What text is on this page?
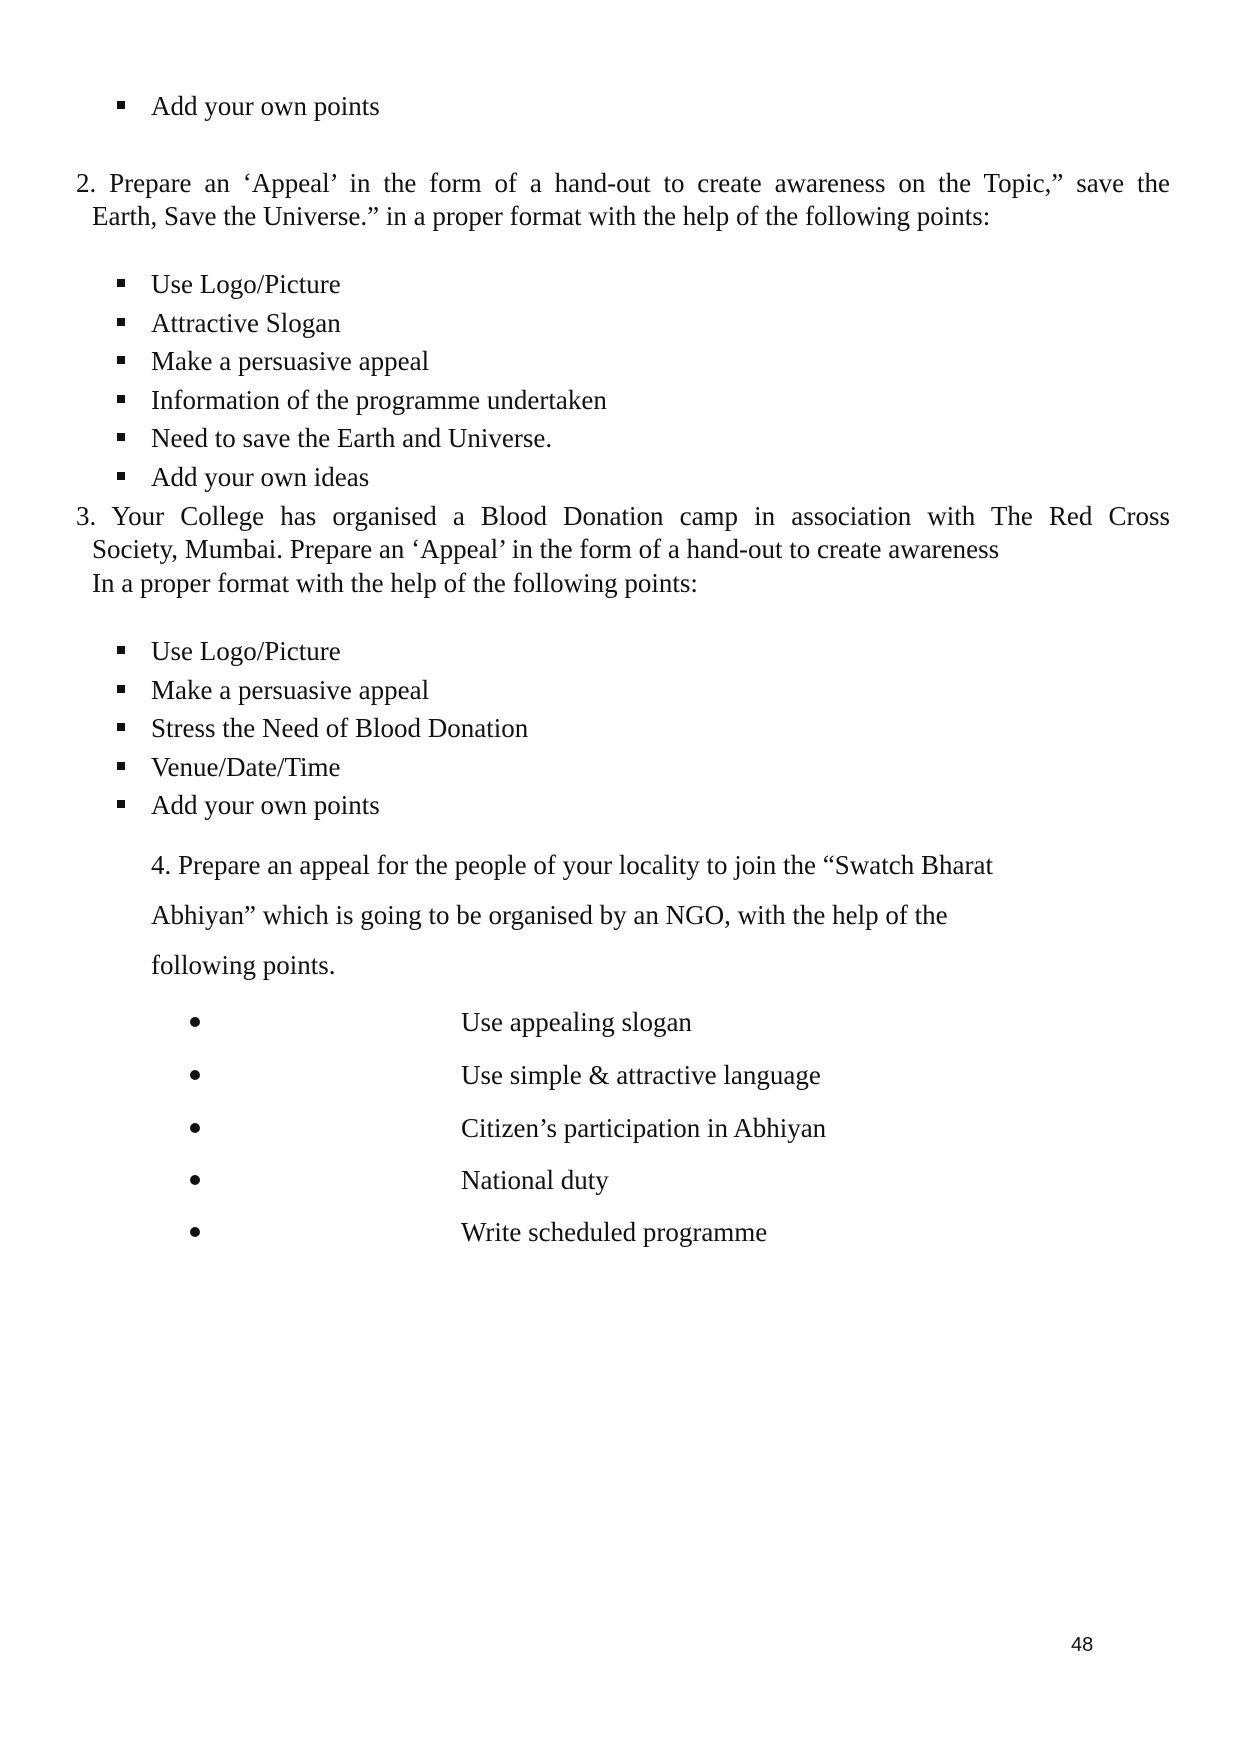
Add your own points
2. Prepare an ‘Appeal’ in the form of a hand-out to create awareness on the Topic,” save the
Earth, Save the Universe.” in a proper format with the help of the following points:
Use Logo/Picture
Attractive Slogan
Make a persuasive appeal
Information of the programme undertaken
Need to save the Earth and Universe.
Add your own ideas
3. Your College has organised a Blood Donation camp in association with The Red Cross
Society, Mumbai. Prepare an ‘Appeal’ in the form of a hand-out to create awareness
In a proper format with the help of the following points:
Use Logo/Picture
Make a persuasive appeal
Stress the Need of Blood Donation
Venue/Date/Time
Add your own points
4. Prepare an appeal for the people of your locality to join the “Swatch Bharat
Abhiyan” which is going to be organised by an NGO, with the help of the
following points.
Use appealing slogan
Use simple & attractive language
Citizen’s participation in Abhiyan
National duty
Write scheduled programme
48
